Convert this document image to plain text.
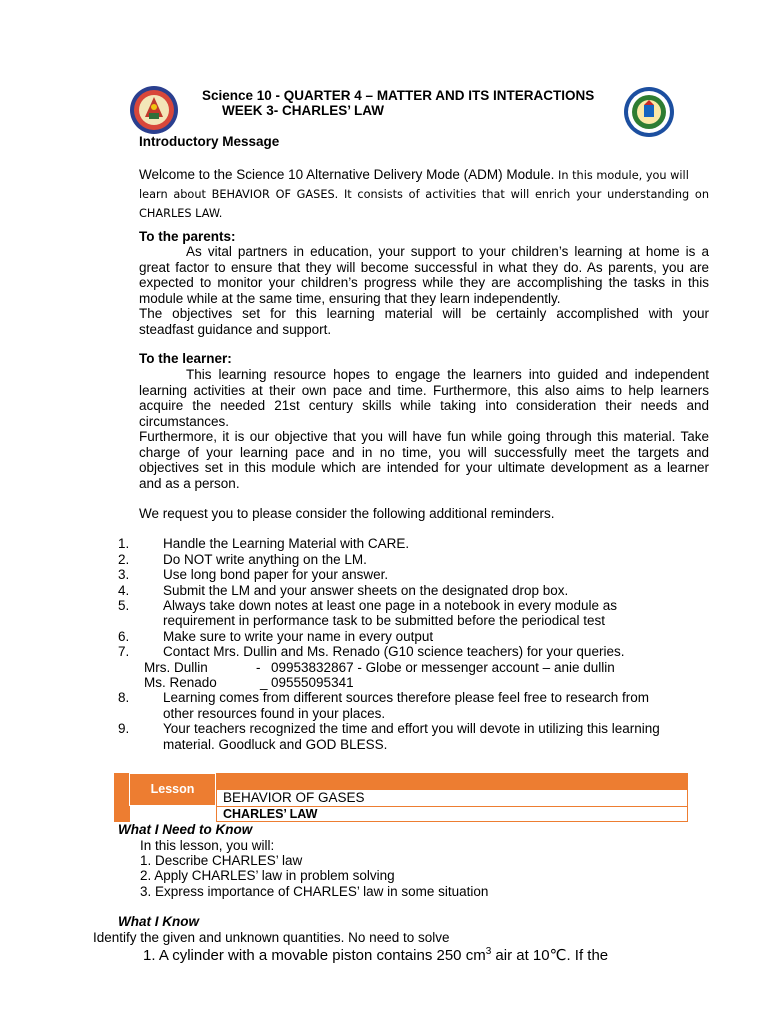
Science 10 - QUARTER 4 – MATTER AND ITS INTERACTIONS
WEEK 3- CHARLES’ LAW
Introductory Message
Welcome to the Science 10 Alternative Delivery Mode (ADM) Module. In this module, you will
learn about BEHAVIOR OF GASES. It consists of activities that will enrich your understanding on
CHARLES LAW.
To the parents:
As vital partners in education, your support to your children’s learning at home is a
great factor to ensure that they will become successful in what they do. As parents, you are
expected to monitor your children’s progress while they are accomplishing the tasks in this
module while at the same time, ensuring that they learn independently.
The objectives set for this learning material will be certainly accomplished with your
steadfast guidance and support.
To the learner:
This learning resource hopes to engage the learners into guided and independent
learning activities at their own pace and time. Furthermore, this also aims to help learners
acquire the needed 21st century skills while taking into consideration their needs and
circumstances.
Furthermore, it is our objective that you will have fun while going through this material. Take
charge of your learning pace and in no time, you will successfully meet the targets and
objectives set in this module which are intended for your ultimate development as a learner
and as a person.
We request you to please consider the following additional reminders.
1.	Handle the Learning Material with CARE.
2.	Do NOT write anything on the LM.
3.	Use long bond paper for your answer.
4.	Submit the LM and your answer sheets on the designated drop box.
5.	Always take down notes at least one page in a notebook in every module as
requirement in performance task to be submitted before the periodical test
6.	Make sure to write your name in every output
7.	Contact Mrs. Dullin and Ms. Renado (G10 science teachers) for your queries.
Mrs. Dullin	- 09953832867 - Globe or messenger account – anie dullin
Ms. Renado	_ 09555095341
8.	Learning comes from different sources therefore please feel free to research from
other resources found in your places.
9.	Your teachers recognized the time and effort you will devote in utilizing this learning
material. Goodluck and GOD BLESS.
Lesson
BEHAVIOR OF GASES
CHARLES’ LAW
What I Need to Know
In this lesson, you will:
1. Describe CHARLES’ law
2. Apply CHARLES’ law in problem solving
3. Express importance of CHARLES’ law in some situation
What I Know
Identify the given and unknown quantities. No need to solve
1. A cylinder with a movable piston contains 250 $cm^3$ air at 10℃. If the
